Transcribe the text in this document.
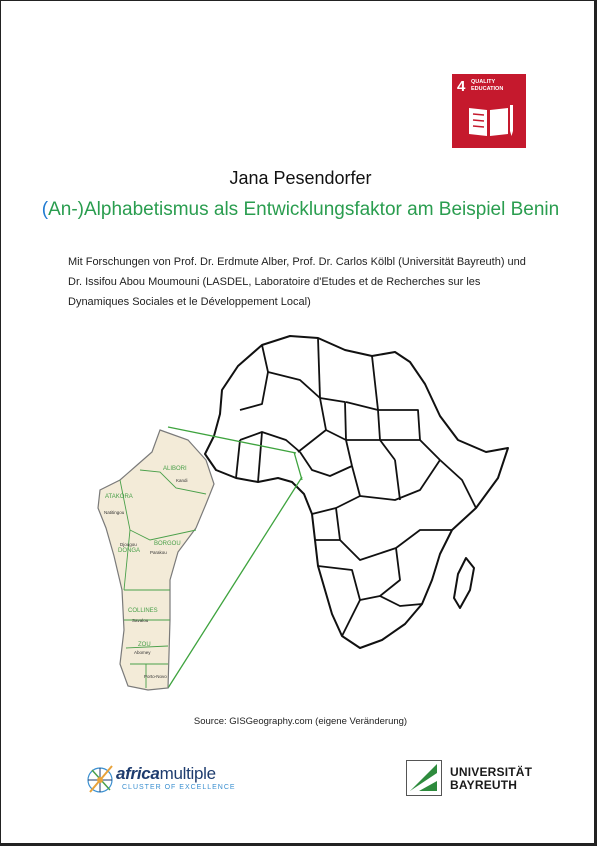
4 QUALITY EDUCATION
Jana Pesendorfer
(An-)Alphabetismus als Entwicklungsfaktor am Beispiel Benin
Mit Forschungen von Prof. Dr. Erdmute Alber, Prof. Dr. Carlos Kölbl (Universität Bayreuth) und Dr. Issifou Abou Moumouni (LASDEL, Laboratoire d'Etudes et de Recherches sur les Dynamiques Sociales et le Développement Local)
ALIBORI
ATAKORA
DONGA
BORGOU
COLLINES
ZOU
Kandi
Natitingou
Djougou
Parakou
Savalou
Abomey
Porto-Novo
Source: GISGeography.com (eigene Veränderung)
africamultiple
CLUSTER OF EXCELLENCE
UNIVERSITÄT
BAYREUTH
